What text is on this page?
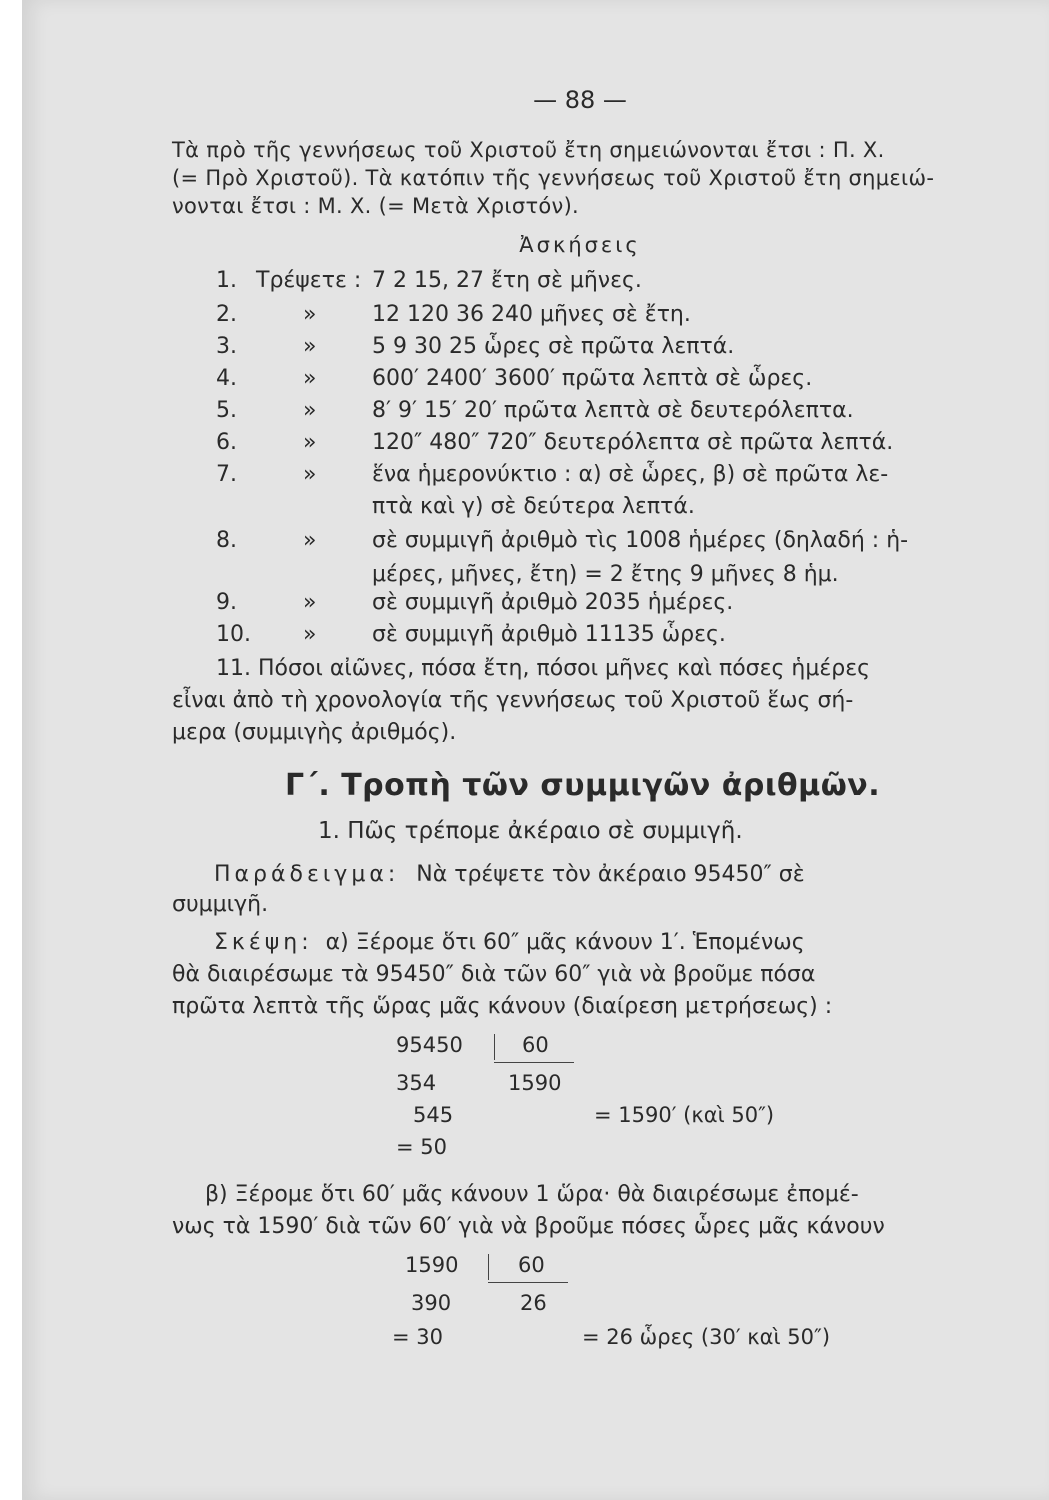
— 88 —
Τὰ πρὸ τῆς γεννήσεως τοῦ Χριστοῦ ἔτη σημειώνονται ἔτσι : Π. Χ.
(= Πρὸ Χριστοῦ). Τὰ κατόπιν τῆς γεννήσεως τοῦ Χριστοῦ ἔτη σημειώ-
νονται ἔτσι : Μ. Χ. (= Μετὰ Χριστόν).
Ἀσκήσεις
1. Τρέψετε : 7 2 15, 27 ἔτη σὲ μῆνες.
2.	»	12 120 36 240 μῆνες σὲ ἔτη.
3.	»	5 9 30 25 ὧρες σὲ πρῶτα λεπτά.
4.	»	600′ 2400′ 3600′ πρῶτα λεπτὰ σὲ ὧρες.
5.	»	8′ 9′ 15′ 20′ πρῶτα λεπτὰ σὲ δευτερόλεπτα.
6.	»	120″ 480″ 720″ δευτερόλεπτα σὲ πρῶτα λεπτά.
7.	»	ἕνα ἡμερονύκτιο : α) σὲ ὧρες, β) σὲ πρῶτα λε-
πτὰ καὶ γ) σὲ δεύτερα λεπτά.
8.	»	σὲ συμμιγῆ ἀριθμὸ τὶς 1008 ἡμέρες (δηλαδή : ἡ-
μέρες, μῆνες, ἔτη) = 2 ἔτης 9 μῆνες 8 ἡμ.
9.	»	σὲ συμμιγῆ ἀριθμὸ 2035 ἡμέρες.
10. »	σὲ συμμιγῆ ἀριθμὸ 11135 ὧρες.
11. Πόσοι αἰῶνες, πόσα ἔτη, πόσοι μῆνες καὶ πόσες ἡμέρες
εἶναι ἀπὸ τὴ χρονολογία τῆς γεννήσεως τοῦ Χριστοῦ ἕως σή-
μερα (συμμιγὴς ἀριθμός).
Γ΄. Τροπὴ τῶν συμμιγῶν ἀριθμῶν.
1. Πῶς τρέπομε ἀκέραιο σὲ συμμιγῆ.
Παράδειγμα: Νὰ τρέψετε τὸν ἀκέραιο 95450″ σὲ
συμμιγῆ.
Σκέψη: α) Ξέρομε ὅτι 60″ μᾶς κάνουν 1′. Ἑπομένως
θὰ διαιρέσωμε τὰ 95450″ διὰ τῶν 60″ γιὰ νὰ βροῦμε πόσα
πρῶτα λεπτὰ τῆς ὥρας μᾶς κάνουν (διαίρεση μετρήσεως) :
95450	60
354	1590
545	= 1590′ (καὶ 50″)
= 50
β) Ξέρομε ὅτι 60′ μᾶς κάνουν 1 ὥρα· θὰ διαιρέσωμε ἐπομέ-
νως τὰ 1590′ διὰ τῶν 60′ γιὰ νὰ βροῦμε πόσες ὧρες μᾶς κάνουν
1590	60
390	26
= 30	= 26 ὧρες (30′ καὶ 50″)
